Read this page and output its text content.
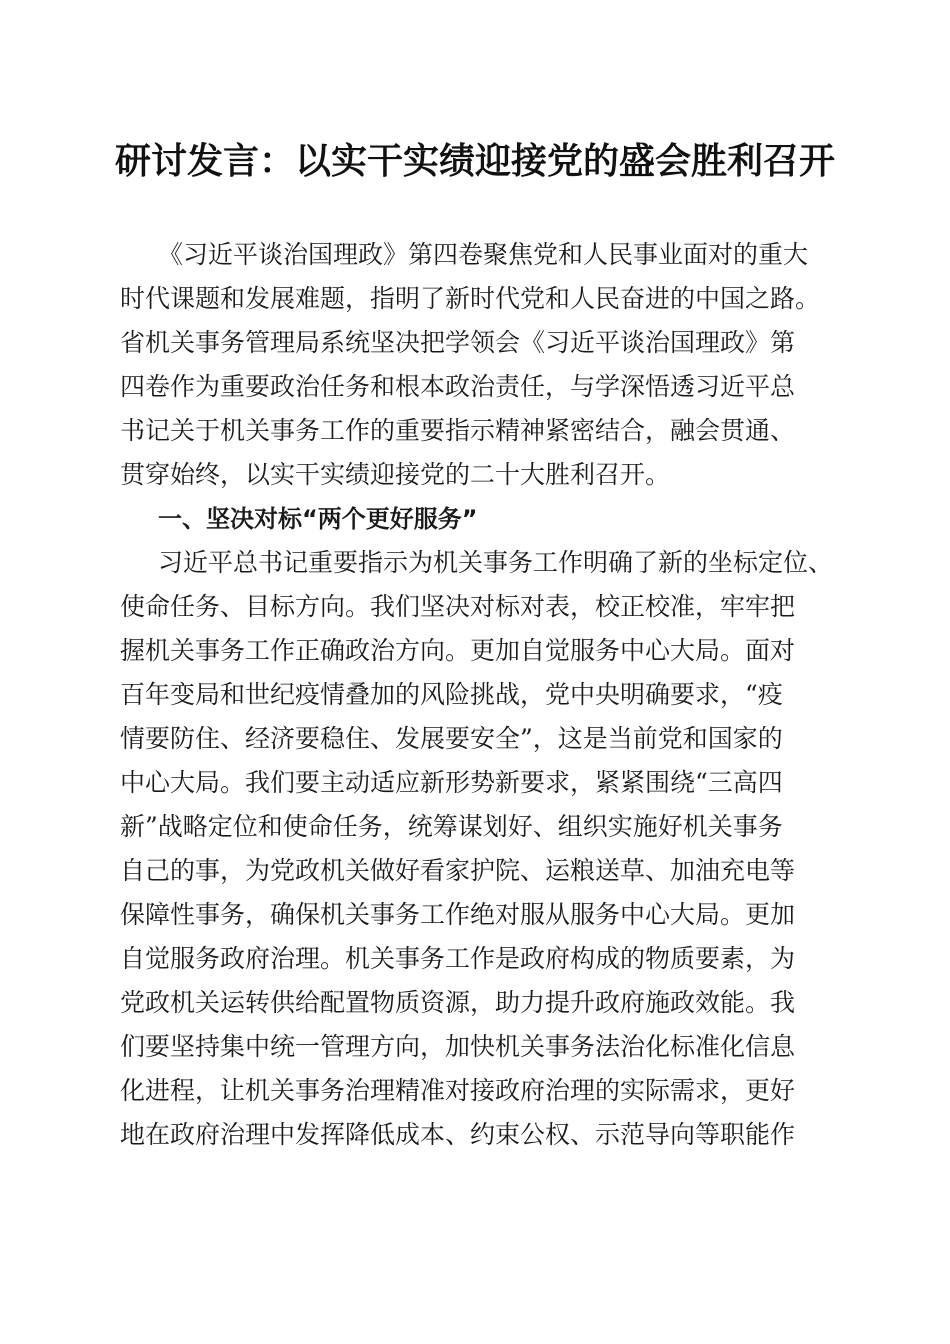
研讨发言：以实干实绩迎接党的盛会胜利召开
《习近平谈治国理政》第四卷聚焦党和人民事业面对的重大
时代课题和发展难题，指明了新时代党和人民奋进的中国之路。
省机关事务管理局系统坚决把学领会《习近平谈治国理政》第
四卷作为重要政治任务和根本政治责任，与学深悟透习近平总
书记关于机关事务工作的重要指示精神紧密结合，融会贯通、
贯穿始终，以实干实绩迎接党的二十大胜利召开。
一、坚决对标“两个更好服务”
习近平总书记重要指示为机关事务工作明确了新的坐标定位、
使命任务、目标方向。我们坚决对标对表，校正校准，牢牢把
握机关事务工作正确政治方向。更加自觉服务中心大局。面对
百年变局和世纪疫情叠加的风险挑战，党中央明确要求，“疫
情要防住、经济要稳住、发展要安全”，这是当前党和国家的
中心大局。我们要主动适应新形势新要求，紧紧围绕“三高四
新”战略定位和使命任务，统筹谋划好、组织实施好机关事务
自己的事，为党政机关做好看家护院、运粮送草、加油充电等
保障性事务，确保机关事务工作绝对服从服务中心大局。更加
自觉服务政府治理。机关事务工作是政府构成的物质要素，为
党政机关运转供给配置物质资源，助力提升政府施政效能。我
们要坚持集中统一管理方向，加快机关事务法治化标准化信息
化进程，让机关事务治理精准对接政府治理的实际需求，更好
地在政府治理中发挥降低成本、约束公权、示范导向等职能作
